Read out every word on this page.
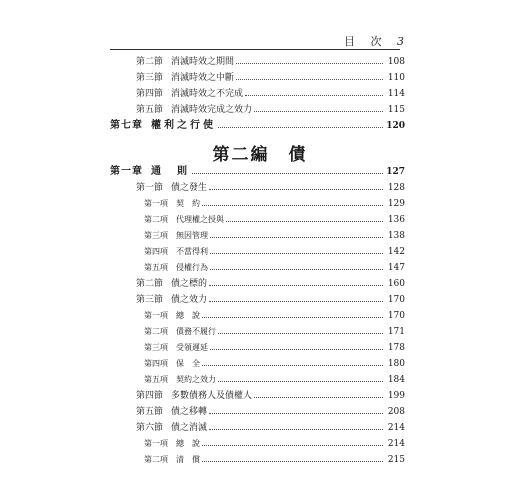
目 次 3
第二編　債
第二節 消滅時效之期間	108
第三節 消滅時效之中斷	110
第四節 消滅時效之不完成	114
第五節 消滅時效完成之效力	115
第七章 權利之行使	120
第一章 通　則	127
第一節 債之發生	128
第一項	契　約	129
第二項	代理權之授與	136
第三項	無因管理	138
第四項	不當得利	142
第五項	侵權行為	147
第二節 債之標的	160
第三節 債之效力	170
第一項	總　說	170
第二項	債務不履行	171
第三項	受領遲延	178
第四項	保　全	180
第五項	契約之效力	184
第四節 多數債務人及債權人	199
第五節 債之移轉	208
第六節 債之消滅	214
第一項	總　說	214
第二項	清　償	215
